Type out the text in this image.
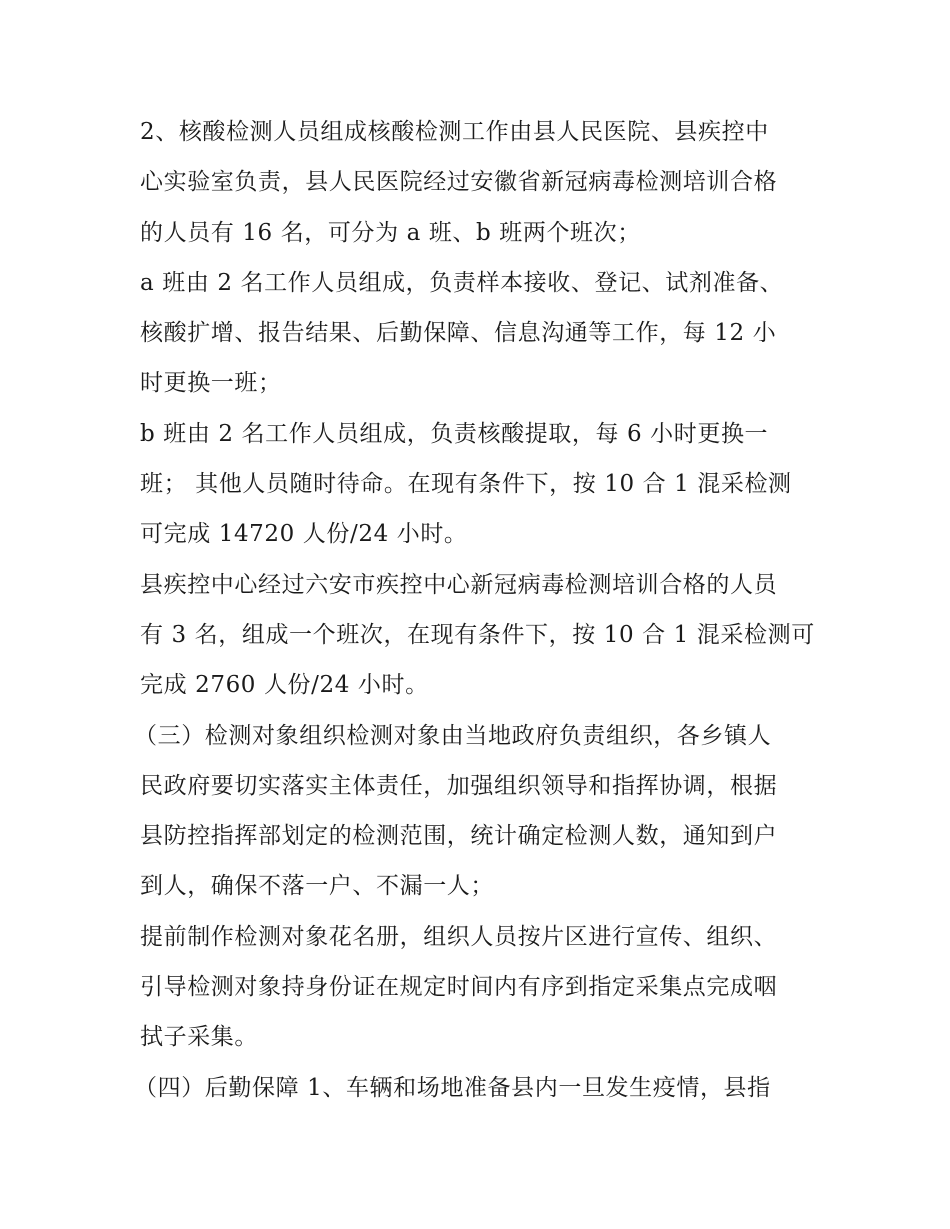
2、核酸检测人员组成核酸检测工作由县人民医院、县疾控中
心实验室负责，县人民医院经过安徽省新冠病毒检测培训合格
的人员有 16 名，可分为 a 班、b 班两个班次；
a 班由 2 名工作人员组成，负责样本接收、登记、试剂准备、
核酸扩增、报告结果、后勤保障、信息沟通等工作，每 12 小
时更换一班；
b 班由 2 名工作人员组成，负责核酸提取，每 6 小时更换一
班； 其他人员随时待命。在现有条件下，按 10 合 1 混采检测
可完成 14720 人份/24 小时。
县疾控中心经过六安市疾控中心新冠病毒检测培训合格的人员
有 3 名，组成一个班次，在现有条件下，按 10 合 1 混采检测可
完成 2760 人份/24 小时。
（三）检测对象组织检测对象由当地政府负责组织，各乡镇人
民政府要切实落实主体责任，加强组织领导和指挥协调，根据
县防控指挥部划定的检测范围，统计确定检测人数，通知到户
到人，确保不落一户、不漏一人；
提前制作检测对象花名册，组织人员按片区进行宣传、组织、
引导检测对象持身份证在规定时间内有序到指定采集点完成咽
拭子采集。
（四）后勤保障 1、车辆和场地准备县内一旦发生疫情，县指
